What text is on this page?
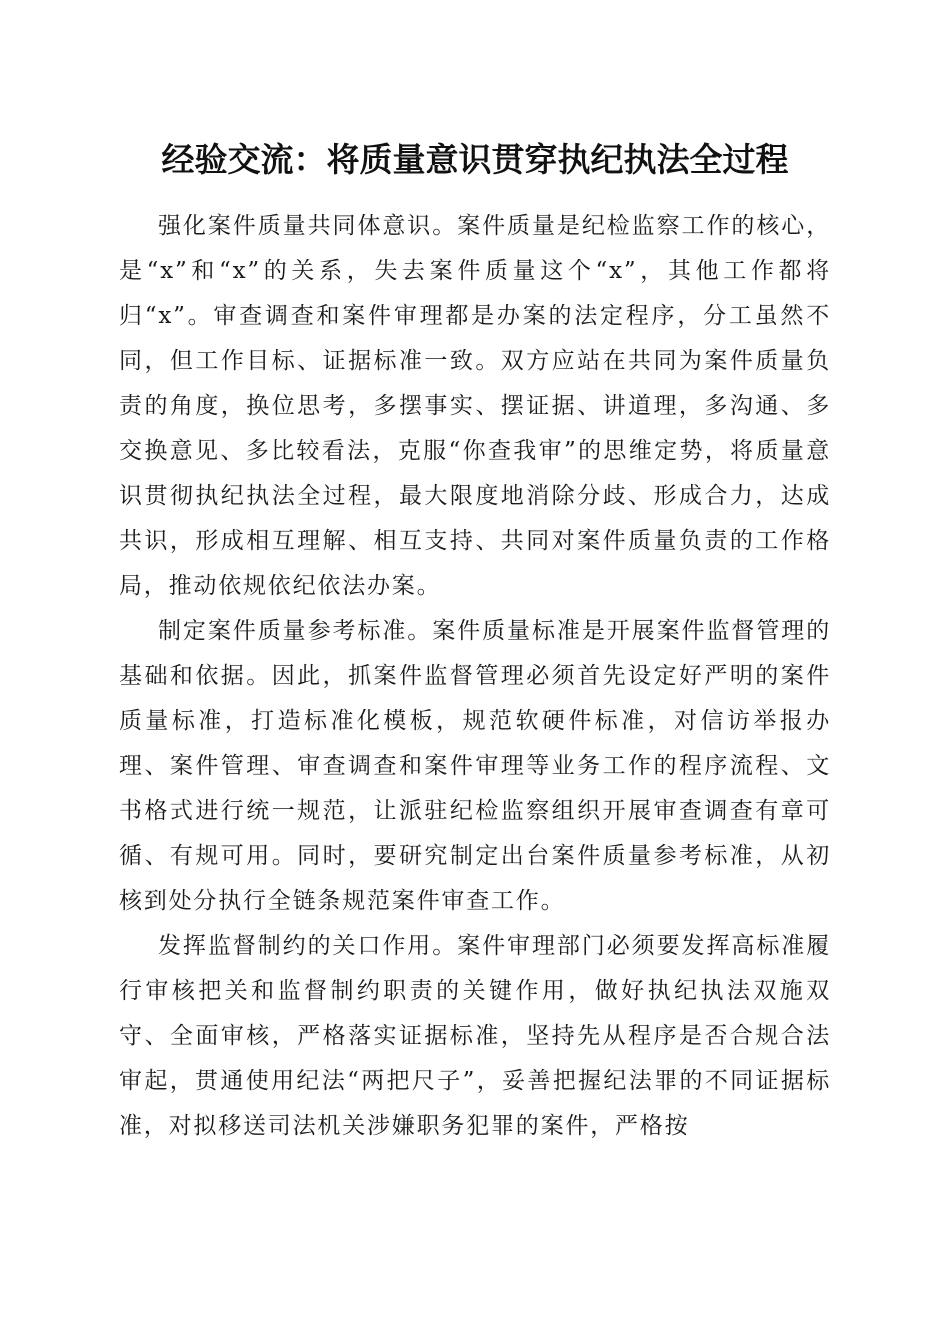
经验交流：将质量意识贯穿执纪执法全过程

强化案件质量共同体意识。案件质量是纪检监察工作的核心，是“x”和“x”的关系，失去案件质量这个“x”，其他工作都将归“x”。审查调查和案件审理都是办案的法定程序，分工虽然不同，但工作目标、证据标准一致。双方应站在共同为案件质量负责的角度，换位思考，多摆事实、摆证据、讲道理，多沟通、多交换意见、多比较看法，克服“你查我审”的思维定势，将质量意识贯彻执纪执法全过程，最大限度地消除分歧、形成合力，达成共识，形成相互理解、相互支持、共同对案件质量负责的工作格局，推动依规依纪依法办案。

制定案件质量参考标准。案件质量标准是开展案件监督管理的基础和依据。因此，抓案件监督管理必须首先设定好严明的案件质量标准，打造标准化模板，规范软硬件标准，对信访举报办理、案件管理、审查调查和案件审理等业务工作的程序流程、文书格式进行统一规范，让派驻纪检监察组织开展审查调查有章可循、有规可用。同时，要研究制定出台案件质量参考标准，从初核到处分执行全链条规范案件审查工作。

发挥监督制约的关口作用。案件审理部门必须要发挥高标准履行审核把关和监督制约职责的关键作用，做好执纪执法双施双守、全面审核，严格落实证据标准，坚持先从程序是否合规合法审起，贯通使用纪法“两把尺子”，妥善把握纪法罪的不同证据标准，对拟移送司法机关涉嫌职务犯罪的案件，严格按
